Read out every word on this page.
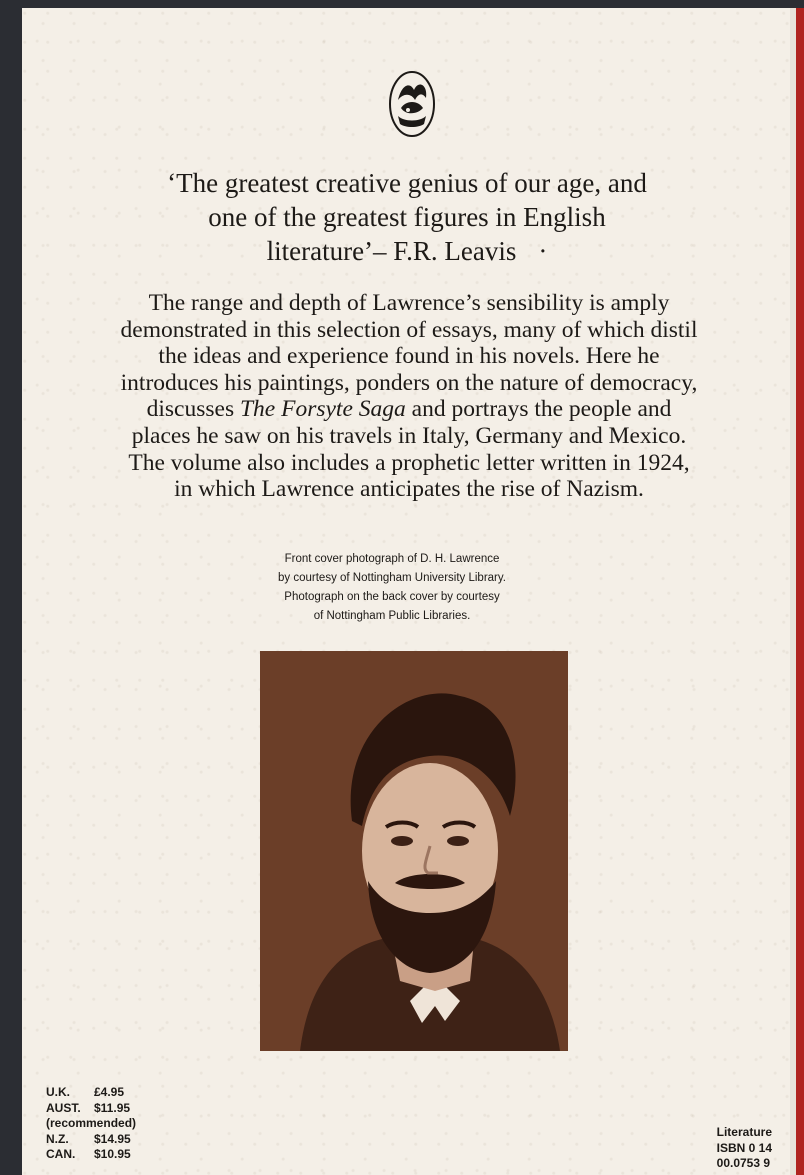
‘The greatest creative genius of our age, and
one of the greatest figures in English
literature’– F.R. Leavis ·

The range and depth of Lawrence’s sensibility is amply demonstrated in this selection of essays, many of which distil the ideas and experience found in his novels. Here he introduces his paintings, ponders on the nature of democracy, discusses The Forsyte Saga and portrays the people and places he saw on his travels in Italy, Germany and Mexico. The volume also includes a prophetic letter written in 1924, in which Lawrence anticipates the rise of Nazism.

Front cover photograph of D. H. Lawrence
by courtesy of Nottingham University Library.
Photograph on the back cover by courtesy
of Nottingham Public Libraries.

U.K.	£4.95
AUST.	$11.95
(recommended)	
N.Z.	$14.95
CAN.	$10.95
Literature
ISBN 0 14
00.0753 9
